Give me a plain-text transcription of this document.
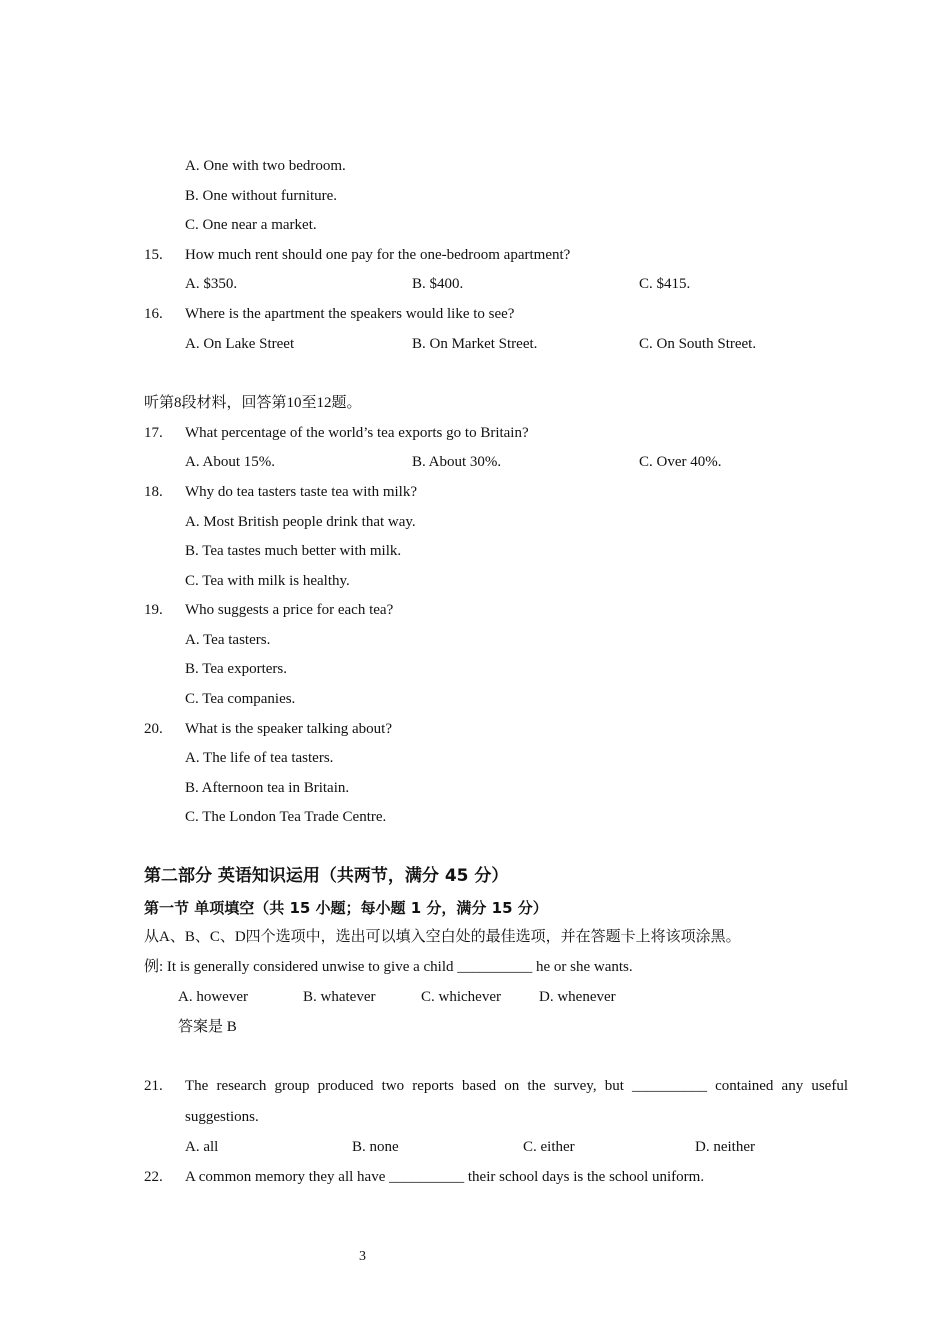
A. One with two bedroom.
B. One without furniture.
C. One near a market.
15. How much rent should one pay for the one-bedroom apartment?
A. $350.	B. $400.	C. $415.
16. Where is the apartment the speakers would like to see?
A. On Lake Street	B. On Market Street.	C. On South Street.
听第8段材料，回答第10至12题。
17. What percentage of the world’s tea exports go to Britain?
A. About 15%.	B. About 30%.	C. Over 40%.
18. Why do tea tasters taste tea with milk?
A. Most British people drink that way.
B. Tea tastes much better with milk.
C. Tea with milk is healthy.
19. Who suggests a price for each tea?
A. Tea tasters.
B. Tea exporters.
C. Tea companies.
20. What is the speaker talking about?
A. The life of tea tasters.
B. Afternoon tea in Britain.
C. The London Tea Trade Centre.
第二部分 英语知识运用（共两节，满分 45 分）
第一节 单项填空（共 15 小题；每小题 1 分，满分 15 分）
从A、B、C、D四个选项中，选出可以填入空白处的最佳选项，并在答题卡上将该项涂黑。
例: It is generally considered unwise to give a child __________ he or she wants.
A. however	B. whatever	C. whichever	D. whenever
答案是 B
21. The research group produced two reports based on the survey, but __________ contained any useful
suggestions.
A. all	B. none	C. either	D. neither
22. A common memory they all have __________ their school days is the school uniform.
3
